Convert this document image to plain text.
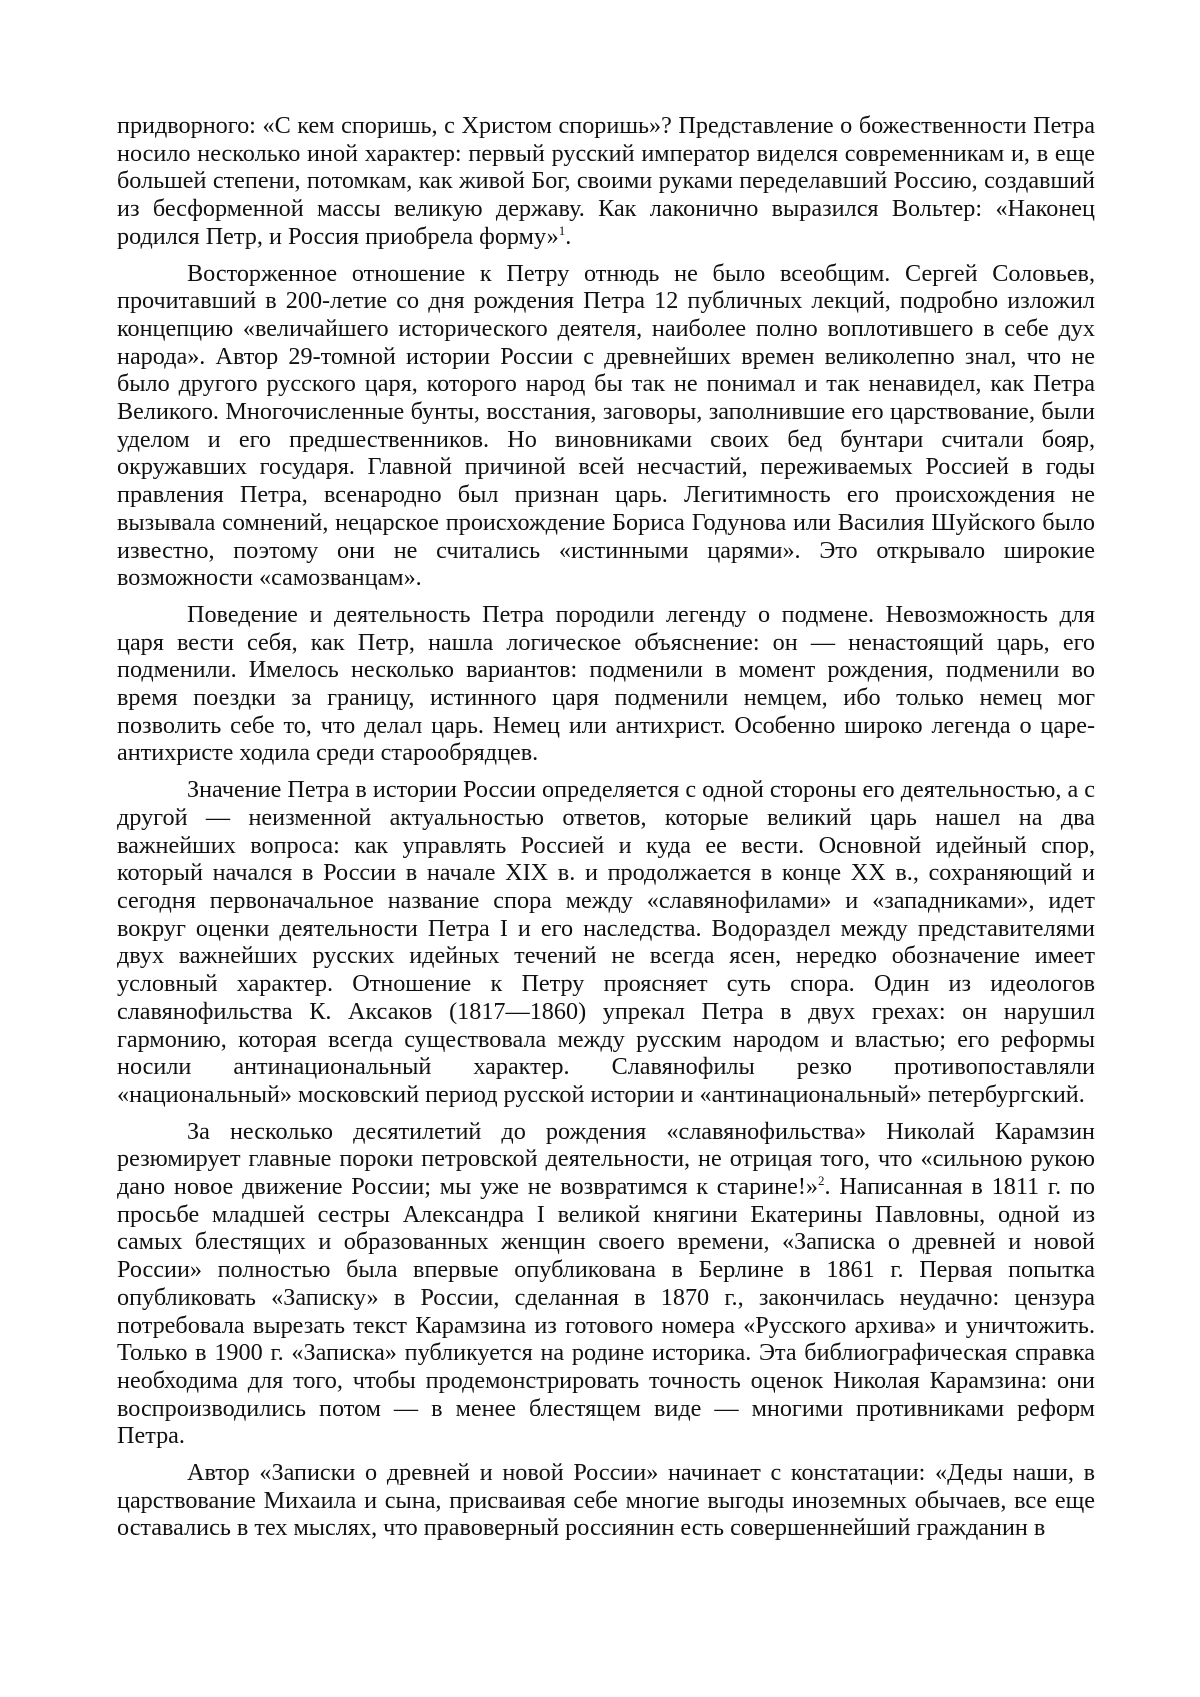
придворного: «С кем споришь, с Христом споришь»? Представление о божественности Петра носило несколько иной характер: первый русский император виделся современникам и, в еще большей степени, потомкам, как живой Бог, своими руками переделавший Россию, создавший из бесформенной массы великую державу. Как лаконично выразился Вольтер: «Наконец родился Петр, и Россия приобрела форму»$^1$.

Восторженное отношение к Петру отнюдь не было всеобщим. Сергей Соловьев, прочитавший в 200-летие со дня рождения Петра 12 публичных лекций, подробно изложил концепцию «величайшего исторического деятеля, наиболее полно воплотившего в себе дух народа». Автор 29-томной истории России с древнейших времен великолепно знал, что не было другого русского царя, которого народ бы так не понимал и так ненавидел, как Петра Великого. Многочисленные бунты, восстания, заговоры, заполнившие его царствование, были уделом и его предшественников. Но виновниками своих бед бунтари считали бояр, окружавших государя. Главной причиной всей несчастий, переживаемых Россией в годы правления Петра, всенародно был признан царь. Легитимность его происхождения не вызывала сомнений, нецарское происхождение Бориса Годунова или Василия Шуйского было известно, поэтому они не считались «истинными царями». Это открывало широкие возможности «самозванцам».

Поведение и деятельность Петра породили легенду о подмене. Невозможность для царя вести себя, как Петр, нашла логическое объяснение: он — ненастоящий царь, его подменили. Имелось несколько вариантов: подменили в момент рождения, подменили во время поездки за границу, истинного царя подменили немцем, ибо только немец мог позволить себе то, что делал царь. Немец или антихрист. Особенно широко легенда о царе-антихристе ходила среди старообрядцев.

Значение Петра в истории России определяется с одной стороны его деятельностью, а с другой — неизменной актуальностью ответов, которые великий царь нашел на два важнейших вопроса: как управлять Россией и куда ее вести. Основной идейный спор, который начался в России в начале XIX в. и продолжается в конце XX в., сохраняющий и сегодня первоначальное название спора между «славянофилами» и «западниками», идет вокруг оценки деятельности Петра I и его наследства. Водораздел между представителями двух важнейших русских идейных течений не всегда ясен, нередко обозначение имеет условный характер. Отношение к Петру проясняет суть спора. Один из идеологов славянофильства К. Аксаков (1817—1860) упрекал Петра в двух грехах: он нарушил гармонию, которая всегда существовала между русским народом и властью; его реформы носили антинациональный характер. Славянофилы резко противопоставляли «национальный» московский период русской истории и «антинациональный» петербургский.

За несколько десятилетий до рождения «славянофильства» Николай Карамзин резюмирует главные пороки петровской деятельности, не отрицая того, что «сильною рукою дано новое движение России; мы уже не возвратимся к старине!»$^2$. Написанная в 1811 г. по просьбе младшей сестры Александра I великой княгини Екатерины Павловны, одной из самых блестящих и образованных женщин своего времени, «Записка о древней и новой России» полностью была впервые опубликована в Берлине в 1861 г. Первая попытка опубликовать «Записку» в России, сделанная в 1870 г., закончилась неудачно: цензура потребовала вырезать текст Карамзина из готового номера «Русского архива» и уничтожить. Только в 1900 г. «Записка» публикуется на родине историка. Эта библиографическая справка необходима для того, чтобы продемонстрировать точность оценок Николая Карамзина: они воспроизводились потом — в менее блестящем виде — многими противниками реформ Петра.

Автор «Записки о древней и новой России» начинает с констатации: «Деды наши, в царствование Михаила и сына, присваивая себе многие выгоды иноземных обычаев, все еще оставались в тех мыслях, что правоверный россиянин есть совершеннейший гражданин в
